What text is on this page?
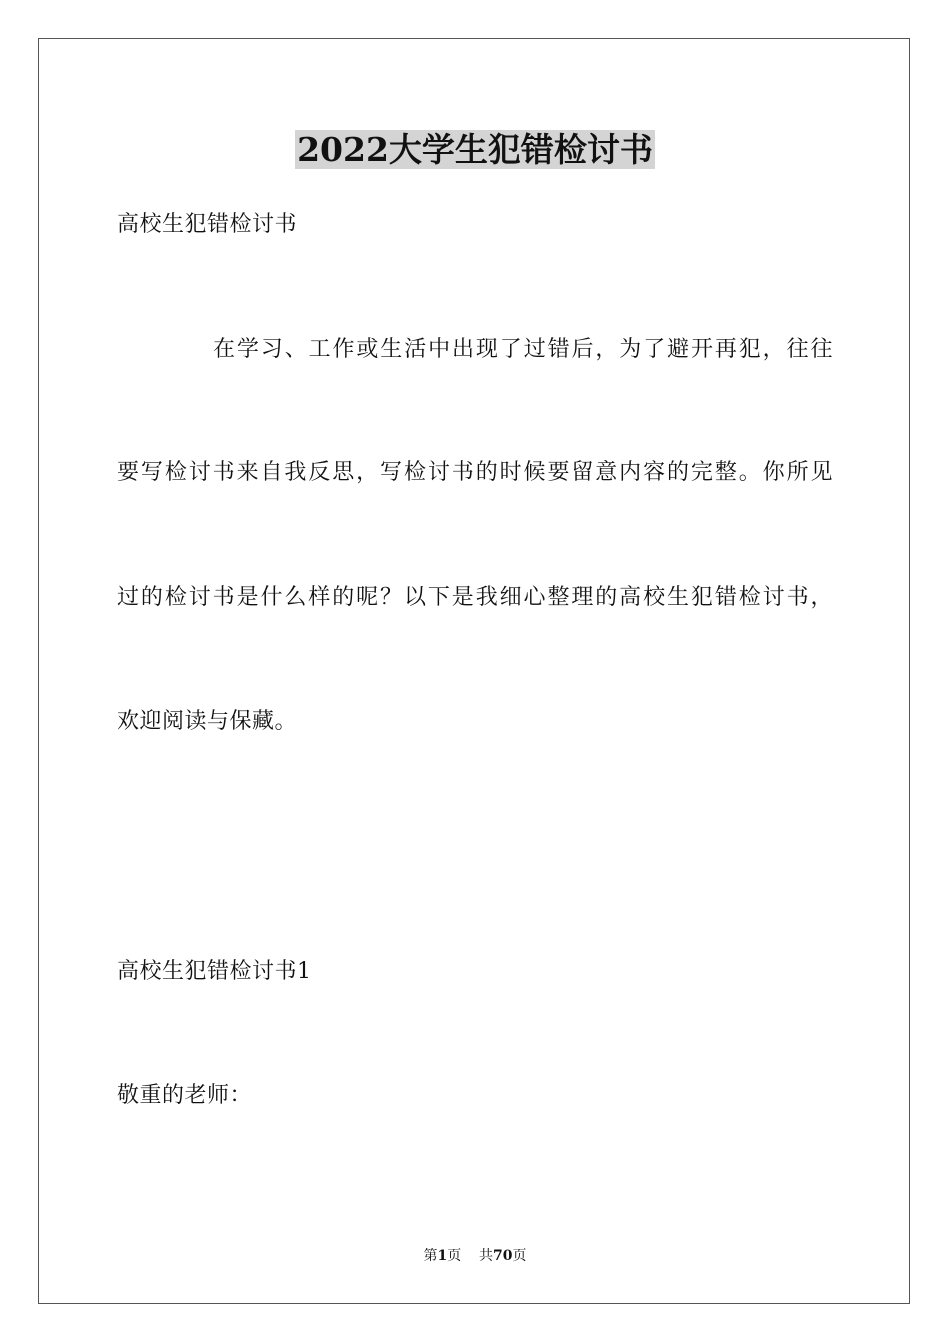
2022大学生犯错检讨书
高校生犯错检讨书
在学习、工作或生活中出现了过错后，为了避开再犯，往往
要写检讨书来自我反思，写检讨书的时候要留意内容的完整。你所见
过的检讨书是什么样的呢？以下是我细心整理的高校生犯错检讨书，
欢迎阅读与保藏。
高校生犯错检讨书1
敬重的老师：
第1页 共70页
